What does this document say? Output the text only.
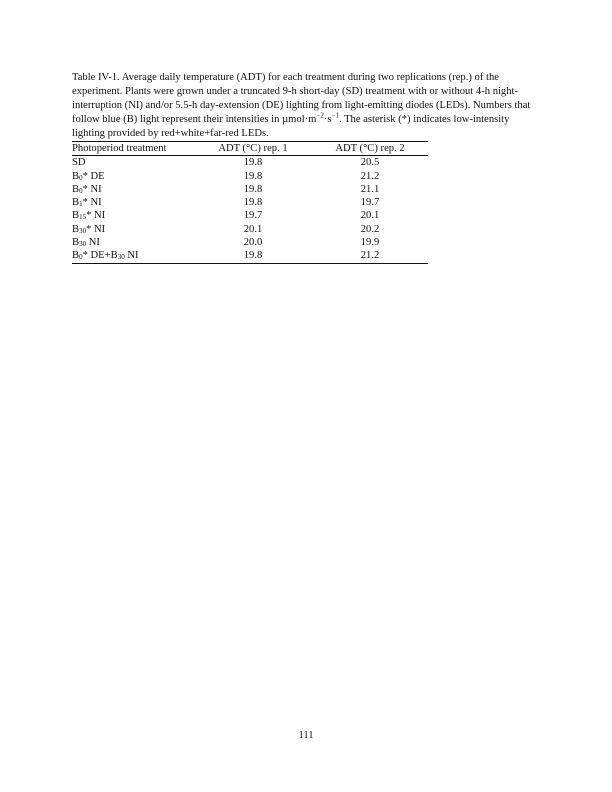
Table IV-1. Average daily temperature (ADT) for each treatment during two replications (rep.) of the experiment. Plants were grown under a truncated 9-h short-day (SD) treatment with or without 4-h night-interruption (NI) and/or 5.5-h day-extension (DE) lighting from light-emitting diodes (LEDs). Numbers that follow blue (B) light represent their intensities in $\mu mol\cdot m^{-2}\cdot s^{-1}$. The asterisk (*) indicates low-intensity lighting provided by red+white+far-red LEDs.

Photoperiod treatment	ADT (°C) rep. 1	ADT (°C) rep. 2
SD	19.8	20.5
$B_0*$ DE	19.8	21.2
$B_0*$ NI	19.8	21.1
$B_1*$ NI	19.8	19.7
$B_{15}*$ NI	19.7	20.1
$B_{30}*$ NI	20.1	20.2
$B_{30}$ NI	20.0	19.9
$B_0*$ $DE+B_{30}$ NI	19.8	21.2
111
